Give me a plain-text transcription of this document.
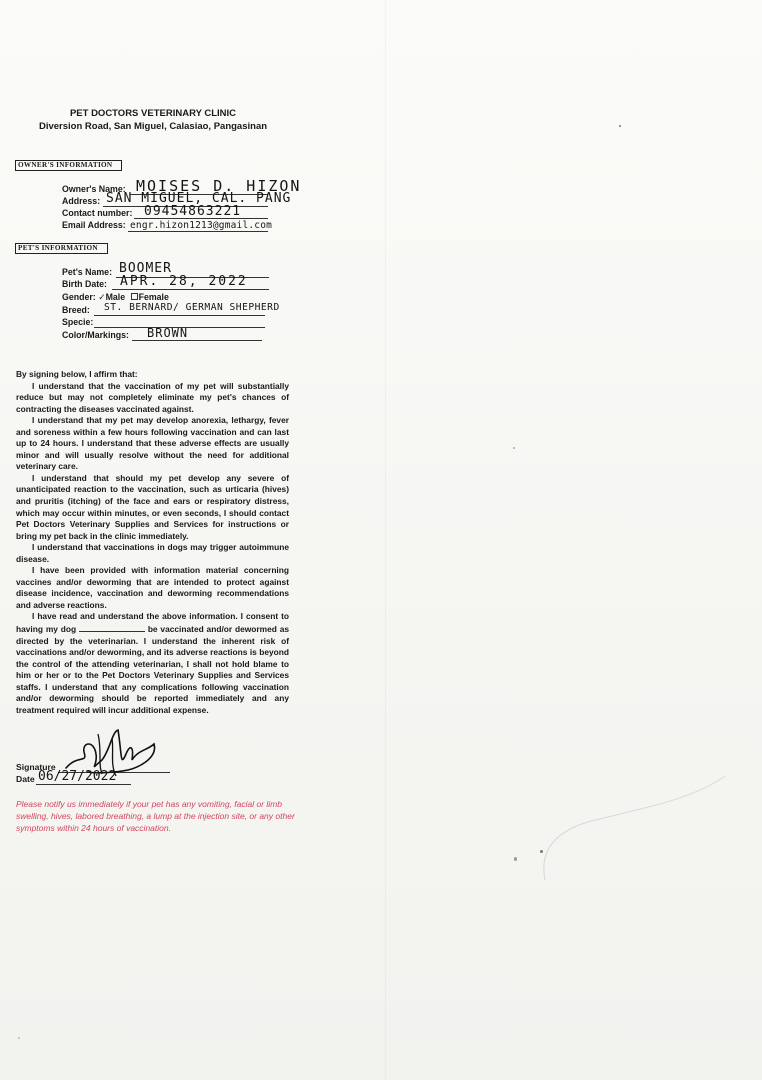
PET DOCTORS VETERINARY CLINIC
Diversion Road, San Miguel, Calasiao, Pangasinan
OWNER'S INFORMATION
Owner's Name: MOISES D. HIZON
Address: SAN MIGUEL, CAL. PANG
Contact number: 09454863221
Email Address: engr.hizon1213@gmail.com
PET'S INFORMATION
Pet's Name: BOOMER
Birth Date: APR. 28, 2022
Gender: ✓Male Female
Breed: ST. BERNARD/ GERMAN SHEPHERD
Specie:
Color/Markings: BROWN

By signing below, I affirm that:

I understand that the vaccination of my pet will substantially reduce but may not completely eliminate my pet's chances of contracting the diseases vaccinated against.

I understand that my pet may develop anorexia, lethargy, fever and soreness within a few hours following vaccination and can last up to 24 hours. I understand that these adverse effects are usually minor and will usually resolve without the need for additional veterinary care.

I understand that should my pet develop any severe of unanticipated reaction to the vaccination, such as urticaria (hives) and pruritis (itching) of the face and ears or respiratory distress, which may occur within minutes, or even seconds, I should contact Pet Doctors Veterinary Supplies and Services for instructions or bring my pet back in the clinic immediately.

I understand that vaccinations in dogs may trigger autoimmune disease.

I have been provided with information material concerning vaccines and/or deworming that are intended to protect against disease incidence, vaccination and deworming recommendations and adverse reactions.

I have read and understand the above information. I consent to having my dog	be vaccinated and/or dewormed as directed by the veterinarian. I understand the inherent risk of vaccinations and/or deworming, and its adverse reactions is beyond the control of the attending veterinarian, I shall not hold blame to him or her or to the Pet Doctors Veterinary Supplies and Services staffs. I understand that any complications following vaccination and/or deworming should be reported immediately and any treatment required will incur additional expense.

Signature
Date 06/27/2022
Please notify us immediately if your pet has any vomiting, facial or limb swelling, hives, labored breathing, a lump at the injection site, or any other symptoms within 24 hours of vaccination.
